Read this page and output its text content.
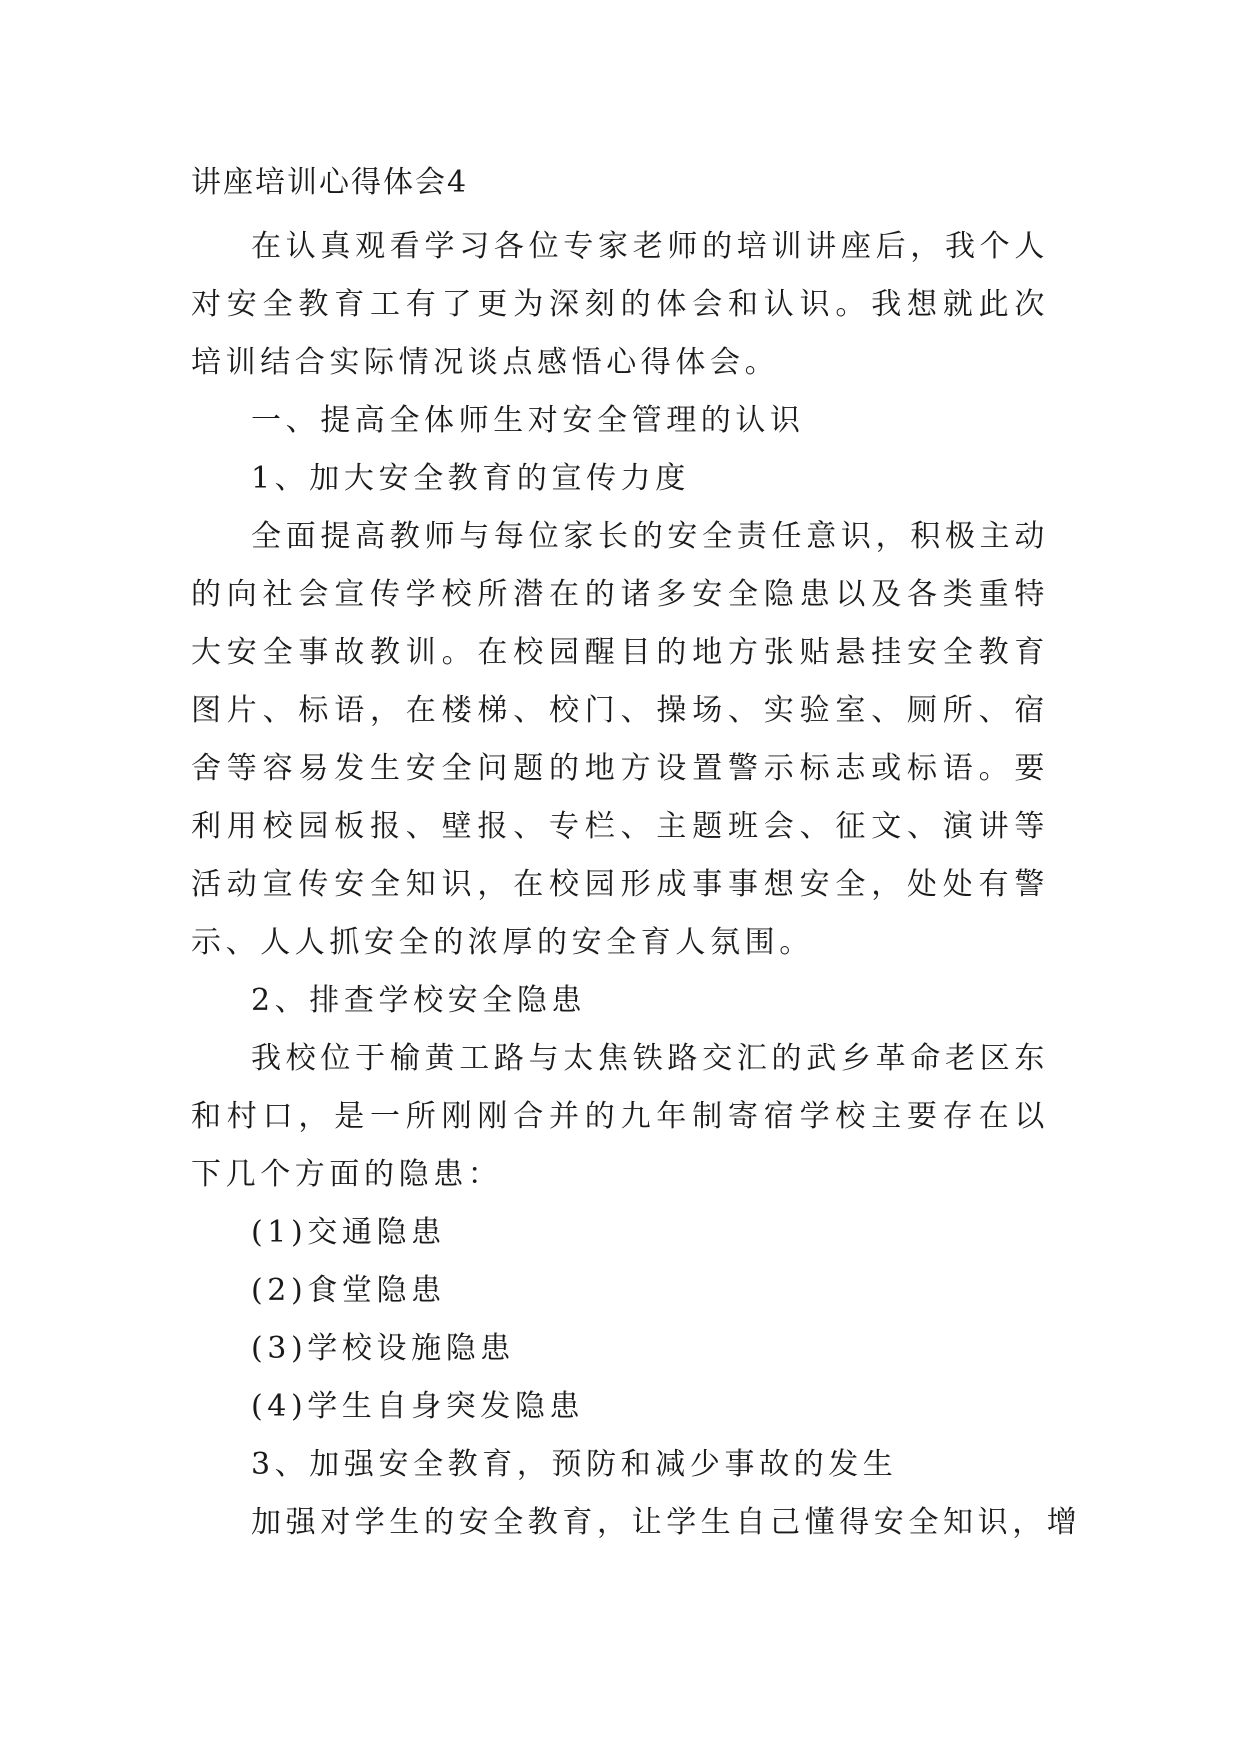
讲座培训心得体会4

在认真观看学习各位专家老师的培训讲座后，我个人对安全教育工有了更为深刻的体会和认识。我想就此次培训结合实际情况谈点感悟心得体会。

一、提高全体师生对安全管理的认识

1、加大安全教育的宣传力度

全面提高教师与每位家长的安全责任意识，积极主动的向社会宣传学校所潜在的诸多安全隐患以及各类重特大安全事故教训。在校园醒目的地方张贴悬挂安全教育图片、标语，在楼梯、校门、操场、实验室、厕所、宿舍等容易发生安全问题的地方设置警示标志或标语。要利用校园板报、壁报、专栏、主题班会、征文、演讲等活动宣传安全知识，在校园形成事事想安全，处处有警示、人人抓安全的浓厚的安全育人氛围。

2、排查学校安全隐患

我校位于榆黄工路与太焦铁路交汇的武乡革命老区东和村口，是一所刚刚合并的九年制寄宿学校主要存在以下几个方面的隐患：

(1)交通隐患

(2)食堂隐患

(3)学校设施隐患

(4)学生自身突发隐患

3、加强安全教育，预防和减少事故的发生

加强对学生的安全教育，让学生自己懂得安全知识，增
